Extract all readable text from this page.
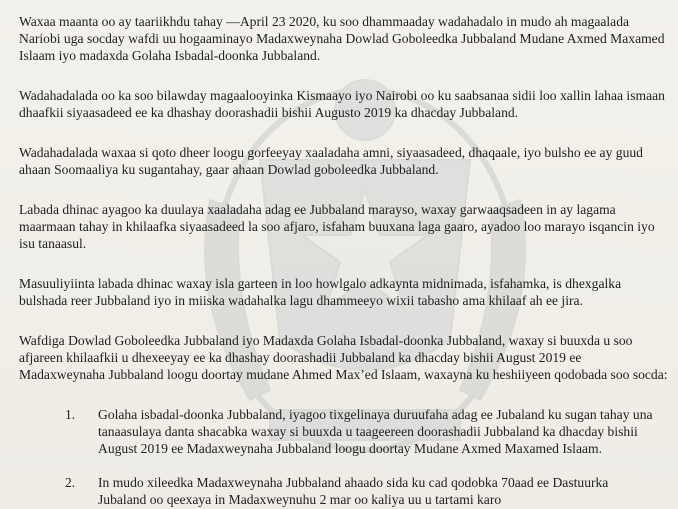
Waxaa maanta oo ay taariikhdu tahay —April 23 2020, ku soo dhammaaday wadahadalo in mudo ah magaalada Nariobi uga socday wafdi uu hogaaminayo Madaxweynaha Dowlad Goboleedka Jubbaland Mudane Axmed Maxamed Islaam iyo madaxda Golaha Isbadal-doonka Jubbaland.

Wadahadalada oo ka soo bilawday magaalooyinka Kismaayo iyo Nairobi oo ku saabsanaa sidii loo xallin lahaa ismaan dhaafkii siyaasadeed ee ka dhashay doorashadii bishii Augusto 2019 ka dhacday Jubbaland.

Wadahadalada waxaa si qoto dheer loogu gorfeeyay xaaladaha amni, siyaasadeed, dhaqaale, iyo bulsho ee ay guud ahaan Soomaaliya ku sugantahay, gaar ahaan Dowlad goboleedka Jubbaland.

Labada dhinac ayagoo ka duulaya xaaladaha adag ee Jubbaland marayso, waxay garwaaqsadeen in ay lagama maarmaan tahay in khilaafka siyaasadeed la soo afjaro, isfaham buuxana laga gaaro, ayadoo loo marayo isqancin iyo isu tanaasul.

Masuuliyiinta labada dhinac waxay isla garteen in loo howlgalo adkaynta midnimada, isfahamka, is dhexgalka bulshada reer Jubbaland iyo in miiska wadahalka lagu dhammeeyo wixii tabasho ama khilaaf ah ee jira.

Wafdiga Dowlad Goboleedka Jubbaland iyo Madaxda Golaha Isbadal-doonka Jubbaland, waxay si buuxda u soo afjareen khilaafkii u dhexeeyay ee ka dhashay doorashadii Jubbaland ka dhacday bishii August 2019 ee Madaxweynaha Jubbaland loogu doortay mudane Ahmed Max’ed Islaam, waxayna ku heshiiyeen qodobada soo socda:

1. Golaha isbadal-doonka Jubbaland, iyagoo tixgelinaya duruufaha adag ee Jubaland ku sugan tahay una tanaasulaya danta shacabka waxay si buuxda u taageereen doorashadii Jubbaland ka dhacday bishii August 2019 ee Madaxweynaha Jubbaland loogu doortay Mudane Axmed Maxamed Islaam.
2. In mudo xileedka Madaxweynaha Jubbaland ahaado sida ku cad qodobka 70aad ee Dastuurka Jubaland oo qeexaya in Madaxweynuhu 2 mar oo kaliya uu u tartami karo
